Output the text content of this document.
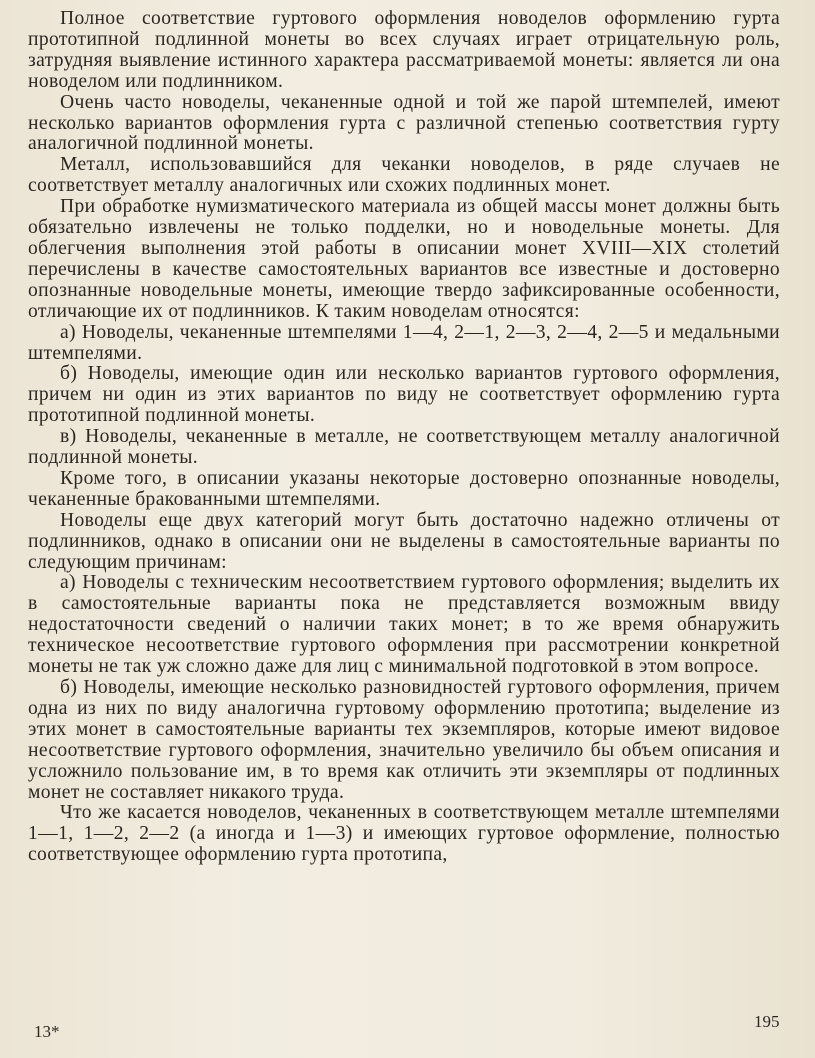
Полное соответствие гуртового оформления новоделов оформлению гурта прототипной подлинной монеты во всех случаях играет отрицательную роль, затрудняя выявление истинного характера рассматриваемой монеты: является ли она новоделом или подлинником.

Очень часто новоделы, чеканенные одной и той же парой штемпелей, имеют несколько вариантов оформления гурта с различной степенью соответствия гурту аналогичной подлинной монеты.

Металл, использовавшийся для чеканки новоделов, в ряде случаев не соответствует металлу аналогичных или схожих подлинных монет.

При обработке нумизматического материала из общей массы монет должны быть обязательно извлечены не только подделки, но и новодельные монеты. Для облегчения выполнения этой работы в описании монет XVIII—XIX столетий перечислены в качестве самостоятельных вариантов все известные и достоверно опознанные новодельные монеты, имеющие твердо зафиксированные особенности, отличающие их от подлинников. К таким новоделам относятся:

а) Новоделы, чеканенные штемпелями 1—4, 2—1, 2—3, 2—4, 2—5 и медальными штемпелями.

б) Новоделы, имеющие один или несколько вариантов гуртового оформления, причем ни один из этих вариантов по виду не соответствует оформлению гурта прототипной подлинной монеты.

в) Новоделы, чеканенные в металле, не соответствующем металлу аналогичной подлинной монеты.

Кроме того, в описании указаны некоторые достоверно опознанные новоделы, чеканенные бракованными штемпелями.

Новоделы еще двух категорий могут быть достаточно надежно отличены от подлинников, однако в описании они не выделены в самостоятельные варианты по следующим причинам:

а) Новоделы с техническим несоответствием гуртового оформления; выделить их в самостоятельные варианты пока не представляется возможным ввиду недостаточности сведений о наличии таких монет; в то же время обнаружить техническое несоответствие гуртового оформления при рассмотрении конкретной монеты не так уж сложно даже для лиц с минимальной подготовкой в этом вопросе.

б) Новоделы, имеющие несколько разновидностей гуртового оформления, причем одна из них по виду аналогична гуртовому оформлению прототипа; выделение из этих монет в самостоятельные варианты тех экземпляров, которые имеют видовое несоответствие гуртового оформления, значительно увеличило бы объем описания и усложнило пользование им, в то время как отличить эти экземпляры от подлинных монет не составляет никакого труда.

Что же касается новоделов, чеканенных в соответствующем металле штемпелями 1—1, 1—2, 2—2 (а иногда и 1—3) и имеющих гуртовое оформление, полностью соответствующее оформлению гурта прототипа,

13*
195
